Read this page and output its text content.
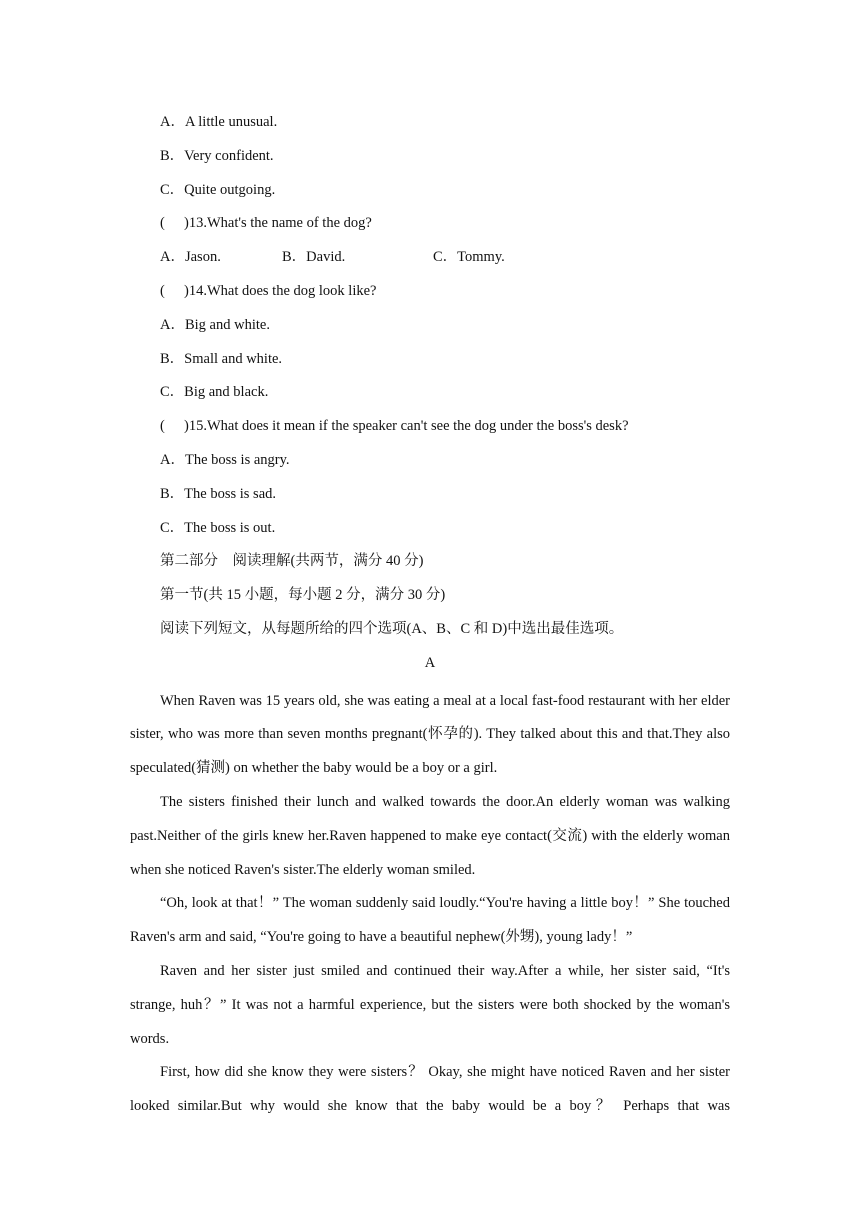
A．A little unusual.
B．Very confident.
C．Quite outgoing.
( )13.What's the name of the dog?
A．Jason.	B．David.	C．Tommy.
( )14.What does the dog look like?
A．Big and white.
B．Small and white.
C．Big and black.
( )15.What does it mean if the speaker can't see the dog under the boss's desk?
A．The boss is angry.
B．The boss is sad.
C．The boss is out.
第二部分　阅读理解(共两节，满分 40 分)
第一节(共 15 小题，每小题 2 分，满分 30 分)
阅读下列短文，从每题所给的四个选项(A、B、C 和 D)中选出最佳选项。
A

When Raven was 15 years old, she was eating a meal at a local fast-food restaurant with her elder sister, who was more than seven months pregnant(怀孕的). They talked about this and that.They also speculated(猜测) on whether the baby would be a boy or a girl.

The sisters finished their lunch and walked towards the door.An elderly woman was walking past.Neither of the girls knew her.Raven happened to make eye contact(交流) with the elderly woman when she noticed Raven's sister.The elderly woman smiled.

“Oh, look at that！” The woman suddenly said loudly.“You're having a little boy！” She touched Raven's arm and said, “You're going to have a beautiful nephew(外甥), young lady！”

Raven and her sister just smiled and continued their way.After a while, her sister said, “It's strange, huh？” It was not a harmful experience, but the sisters were both shocked by the woman's words.

First, how did she know they were sisters？ Okay, she might have noticed Raven and her sister looked similar.But why would she know that the baby would be a boy？ Perhaps that was
